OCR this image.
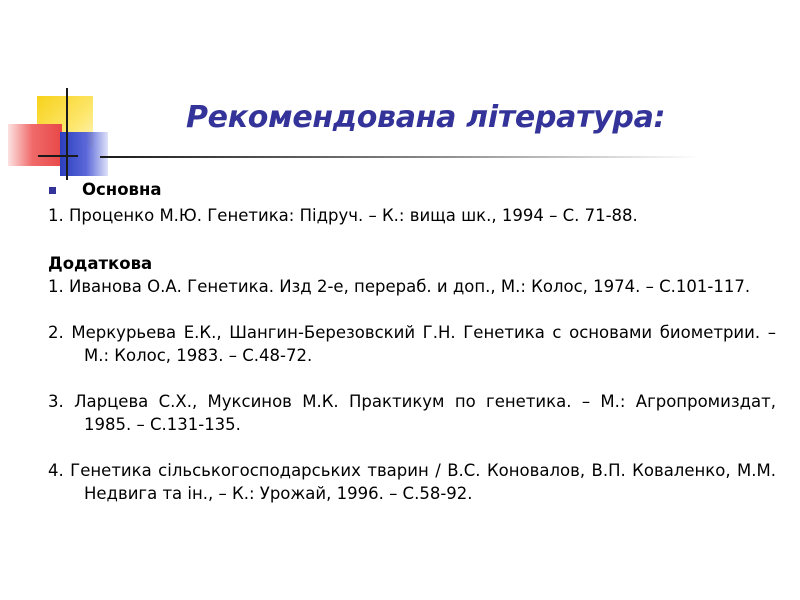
Рекомендована література:
Основна

1. Проценко М.Ю. Генетика: Підруч. – К.: вища шк., 1994 – С. 71-88.

Додаткова

1. Иванова О.А. Генетика. Изд 2-е, перераб. и доп., М.: Колос, 1974. – С.101-117.

2. Меркурьева Е.К., Шангин-Березовский Г.Н. Генетика с основами биометрии. – М.: Колос, 1983. – С.48-72.

3. Ларцева С.Х., Муксинов М.К. Практикум по генетика. – М.: Агропромиздат, 1985. – С.131-135.

4. Генетика сільськогосподарських тварин / В.С. Коновалов, В.П. Коваленко, М.М. Недвига та ін., – К.: Урожай, 1996. – С.58-92.
